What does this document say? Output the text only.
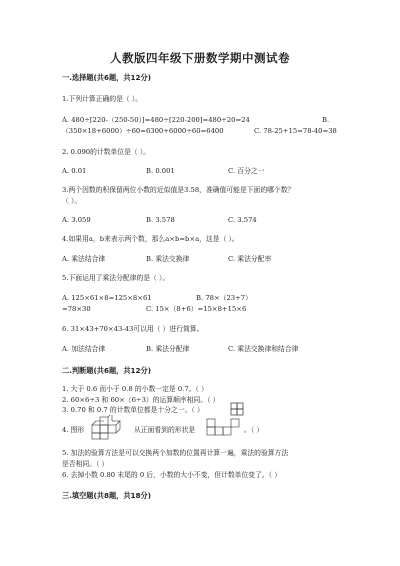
人教版四年级下册数学期中测试卷
一.选择题(共6题，共12分)
1.下列计算正确的是（ ）。
A. 480÷[220-（250-50）]=480÷[220-200]=480÷20=24	B.
（350×18+6000）÷60=6300+6000÷60=6400	C. 78-25+15=78-40=38
2. 0.090的计数单位是（ ）。
A. 0.01	B. 0.001	C. 百分之一
3.两个因数的积保留两位小数的近似值是3.58，准确值可能是下面的哪个数？
（ ）。
A. 3.059	B. 3.578	C. 3.574
4.如果用a，b来表示两个数，那么a×b=b×a，这是（ ）。
A. 乘法结合律	B. 乘法交换律	C. 乘法分配率
5.下面运用了乘法分配律的是（ ）。
A. 125×61×8=125×8×61	B. 78×（23+7）
=78×30	C. 15×（8+6）=15×8+15×6
6. 31×43+70×43-43可以用（ ）进行简算。
A. 加法结合律	B. 乘法分配律	C. 乘法交换律和结合律
二.判断题(共6题，共12分)
1. 大于 0.6 而小于 0.8 的小数一定是 0.7。（ ）
2. 60×6÷3 和 60×（6÷3）的运算顺序相同。（ ）
3. 0.70 和 0.7 的计数单位都是十分之一。（ ）
4. 图形	从正面看到的形状是	。（ ）
5. 加法的验算方法是可以交换两个加数的位置再计算一遍，乘法的验算方法
是否相同。（ ）
6. 去掉小数 0.80 末尾的 0 后，小数的大小不变，但计数单位变了。（ ）
三.填空题(共8题，共18分)
